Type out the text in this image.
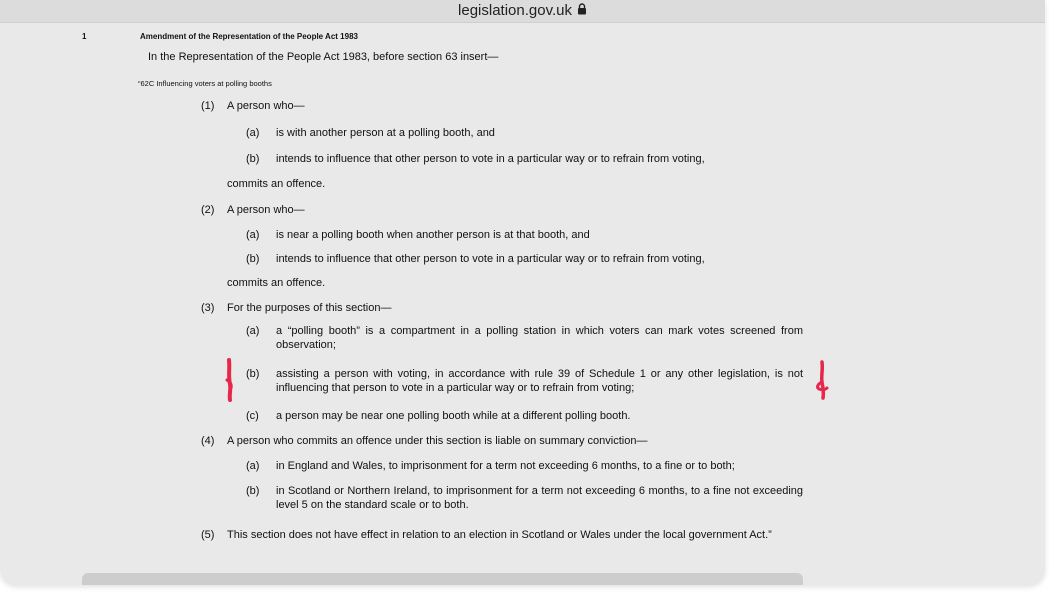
legislation.gov.uk
1	Amendment of the Representation of the People Act 1983
In the Representation of the People Act 1983, before section 63 insert—
“62C Influencing voters at polling booths
(1) A person who—
(a) is with another person at a polling booth, and
(b) intends to influence that other person to vote in a particular way or to refrain from voting,
commits an offence.
(2) A person who—
(a) is near a polling booth when another person is at that booth, and
(b) intends to influence that other person to vote in a particular way or to refrain from voting,
commits an offence.
(3) For the purposes of this section—
(a) a “polling booth” is a compartment in a polling station in which voters can mark votes screened from observation;
(b) assisting a person with voting, in accordance with rule 39 of Schedule 1 or any other legislation, is not influencing that person to vote in a particular way or to refrain from voting;
(c) a person may be near one polling booth while at a different polling booth.
(4) A person who commits an offence under this section is liable on summary conviction—
(a) in England and Wales, to imprisonment for a term not exceeding 6 months, to a fine or to both;
(b) in Scotland or Northern Ireland, to imprisonment for a term not exceeding 6 months, to a fine not exceeding level 5 on the standard scale or to both.
(5) This section does not have effect in relation to an election in Scotland or Wales under the local government Act.”
